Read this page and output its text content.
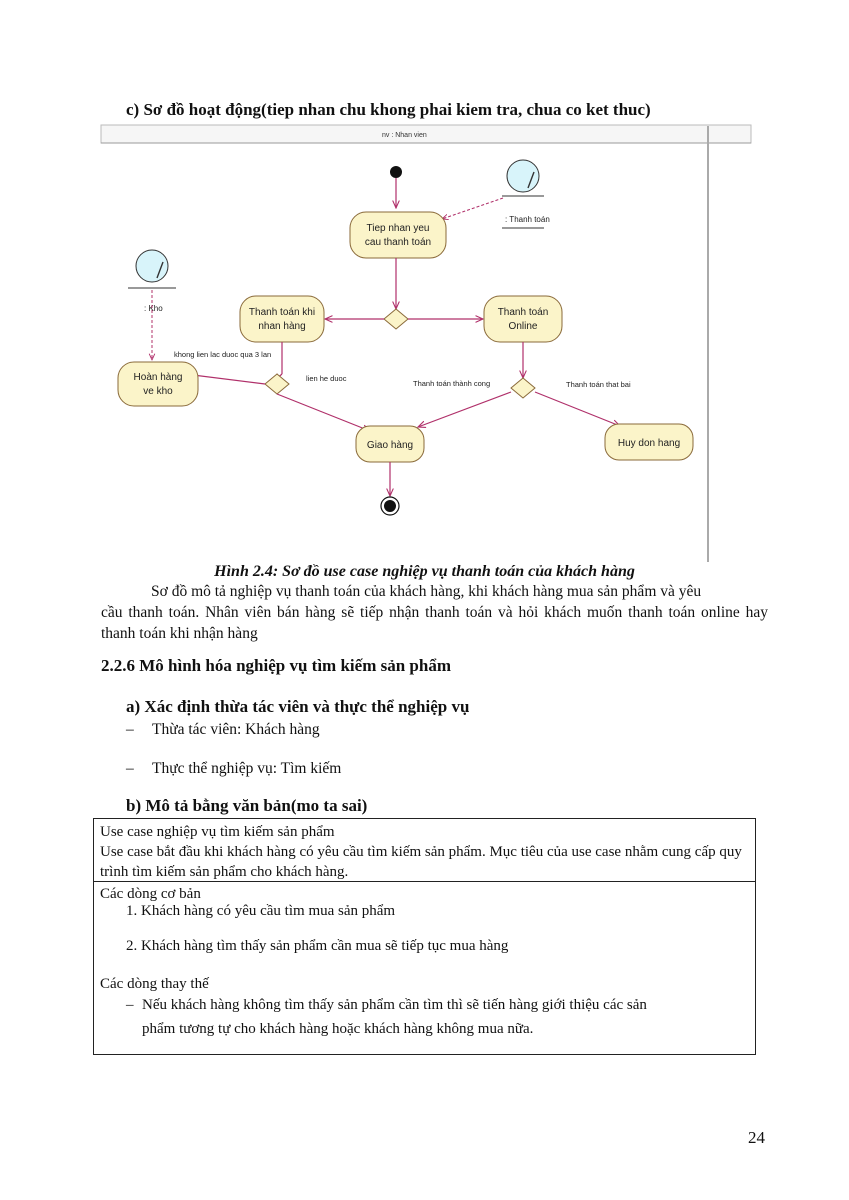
c) Sơ đồ hoạt động(tiep nhan chu khong phai kiem tra, chua co ket thuc)
nv : Nhan vien
: Thanh toán
: Kho
Tiep nhan yeu
cau thanh toán
Thanh toán khi
nhan hàng
Thanh toán
Online
khong lien lac duoc qua 3 lan
lien he duoc
Thanh toán thành cong	Thanh toán that bai
Hoàn hàng
ve kho
Giao hàng	Huy don hang
Hình 2.4: Sơ đồ use case nghiệp vụ thanh toán của khách hàng
Sơ đồ mô tả nghiệp vụ thanh toán của khách hàng, khi khách hàng mua sản phẩm và yêu
cầu thanh toán. Nhân viên bán hàng sẽ tiếp nhận thanh toán và hỏi khách muốn thanh toán online hay thanh toán khi nhận hàng
2.2.6 Mô hình hóa nghiệp vụ tìm kiếm sản phẩm
a) Xác định thừa tác viên và thực thể nghiệp vụ
– Thừa tác viên: Khách hàng
– Thực thể nghiệp vụ: Tìm kiếm
b) Mô tả bằng văn bản(mo ta sai)
Use case nghiệp vụ tìm kiếm sản phẩm
Use case bắt đầu khi khách hàng có yêu cầu tìm kiếm sản phẩm. Mục tiêu của use case nhằm cung cấp quy trình tìm kiếm sản phẩm cho khách hàng.
Các dòng cơ bản
1. Khách hàng có yêu cầu tìm mua sản phẩm
2. Khách hàng tìm thấy sản phẩm cần mua sẽ tiếp tục mua hàng
Các dòng thay thế
– Nếu khách hàng không tìm thấy sản phẩm cần tìm thì sẽ tiến hàng giới thiệu các sản
phẩm tương tự cho khách hàng hoặc khách hàng không mua nữa.
24
